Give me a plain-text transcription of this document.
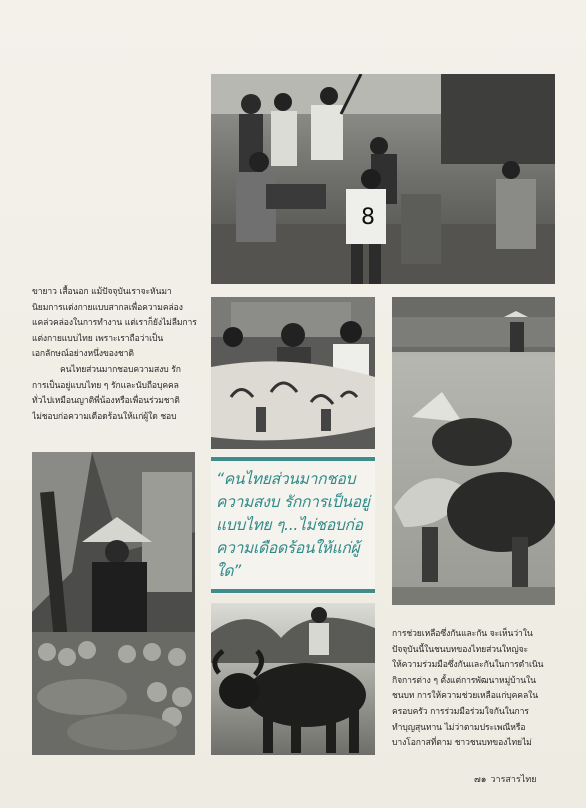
8

ขายาว เสื้อนอก แม้ปัจจุบันเราจะหันมา

นิยมการแต่งกายแบบสากลเพื่อความคล่อง

แคล่วคล่องในการทำงาน แต่เราก็ยังไม่ลืมการ

แต่งกายแบบไทย เพราะเราถือว่าเป็น

เอกลักษณ์อย่างหนึ่งของชาติ

คนไทยส่วนมากชอบความสงบ รัก

การเป็นอยู่แบบไทย ๆ รักและนับถือบุคคล

ทั่วไปเหมือนญาติพี่น้องหรือเพื่อนร่วมชาติ

ไม่ชอบก่อความเดือดร้อนให้แก่ผู้ใด ชอบ

“คนไทยส่วนมากชอบ
ความสงบ รักการเป็นอยู่
แบบไทย ๆ...ไม่ชอบก่อ
ความเดือดร้อนให้แก่ผู้
ใด”

การช่วยเหลือซึ่งกันและกัน จะเห็นว่าใน

ปัจจุบันนี้ในชนบทของไทยส่วนใหญ่จะ

ให้ความร่วมมือซึ่งกันและกันในการดำเนิน

กิจการต่าง ๆ ตั้งแต่การพัฒนาหมู่บ้านใน

ชนบท การให้ความช่วยเหลือแก่บุคคลใน

ครอบครัว การร่วมมือร่วมใจกันในการ

ทำบุญสุนทาน ไม่ว่าตามประเพณีหรือ

บางโอกาสที่ตาม ชาวชนบทของไทยไม่

๗๑ วารสารไทย
